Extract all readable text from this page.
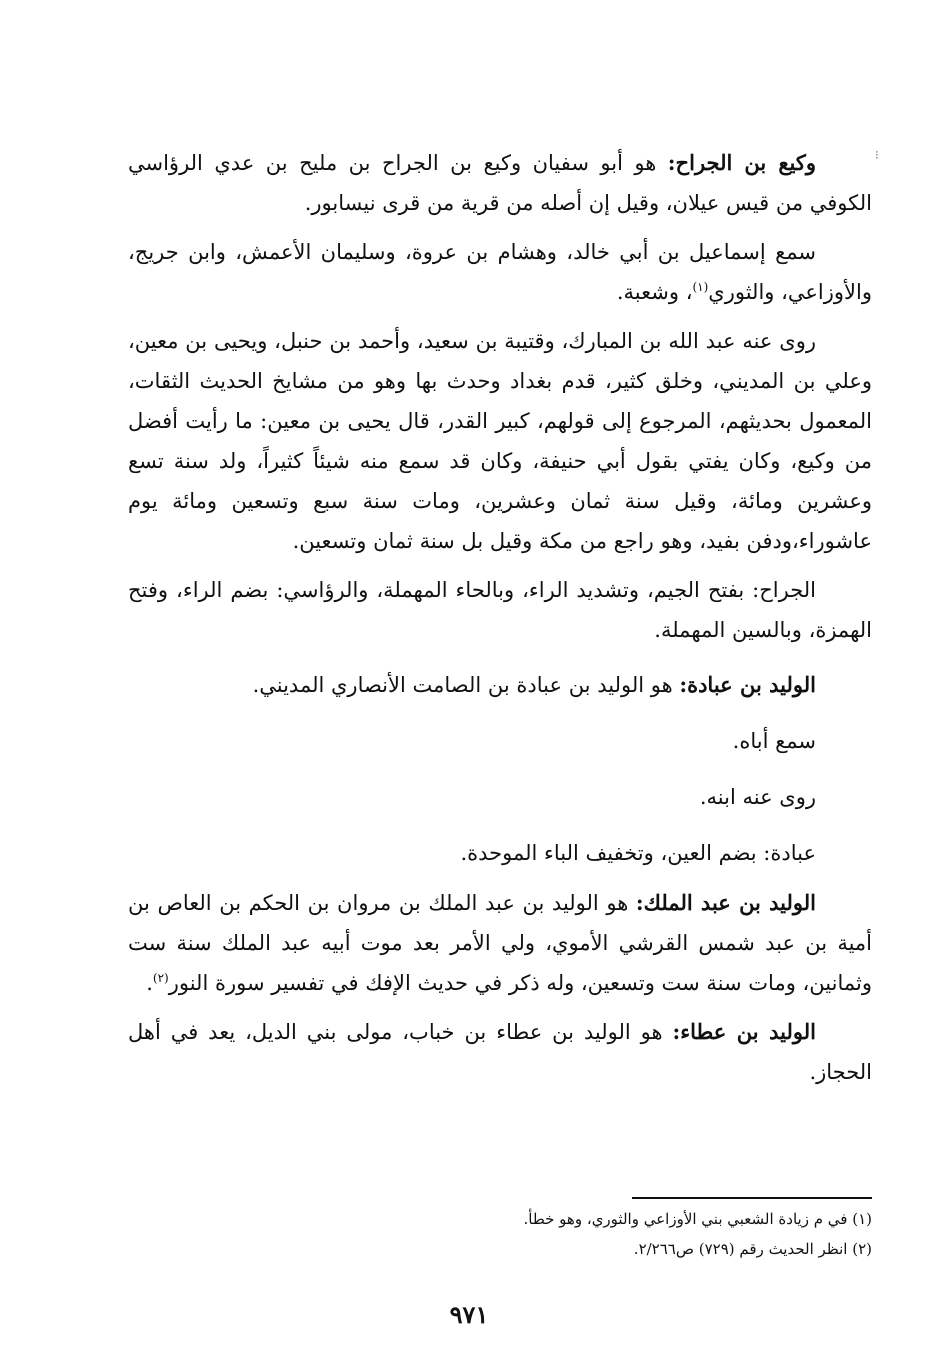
⁝

وكيع بن الجراح: هو أبو سفيان وكيع بن الجراح بن مليح بن عدي الرؤاسي الكوفي من قيس عيلان، وقيل إن أصله من قرية من قرى نيسابور.

سمع إسماعيل بن أبي خالد، وهشام بن عروة، وسليمان الأعمش، وابن جريج، والأوزاعي، والثوري$^{(١)}$، وشعبة.

روى عنه عبد الله بن المبارك، وقتيبة بن سعيد، وأحمد بن حنبل، ويحيى بن معين، وعلي بن المديني، وخلق كثير، قدم بغداد وحدث بها وهو من مشايخ الحديث الثقات، المعمول بحديثهم، المرجوع إلى قولهم، كبير القدر، قال يحيى بن معين: ما رأيت أفضل من وكيع، وكان يفتي بقول أبي حنيفة، وكان قد سمع منه شيئاً كثيراً، ولد سنة تسع وعشرين ومائة، وقيل سنة ثمان وعشرين، ومات سنة سبع وتسعين ومائة يوم عاشوراء،ودفن بفيد، وهو راجع من مكة وقيل بل سنة ثمان وتسعين.

الجراح: بفتح الجيم، وتشديد الراء، وبالحاء المهملة، والرؤاسي: بضم الراء، وفتح الهمزة، وبالسين المهملة.

الوليد بن عبادة: هو الوليد بن عبادة بن الصامت الأنصاري المديني.

سمع أباه.

روى عنه ابنه.

عبادة: بضم العين، وتخفيف الباء الموحدة.

الوليد بن عبد الملك: هو الوليد بن عبد الملك بن مروان بن الحكم بن العاص بن أمية بن عبد شمس القرشي الأموي، ولي الأمر بعد موت أبيه عبد الملك سنة ست وثمانين، ومات سنة ست وتسعين، وله ذكر في حديث الإفك في تفسير سورة النور$^{(٢)}$.

الوليد بن عطاء: هو الوليد بن عطاء بن خباب، مولى بني الديل، يعد في أهل الحجاز.

(١) في م زيادة الشعبي بني الأوزاعي والثوري، وهو خطأ.
(٢) انظر الحديث رقم (٧٢٩) ص٢/٢٦٦.
٩٧١
